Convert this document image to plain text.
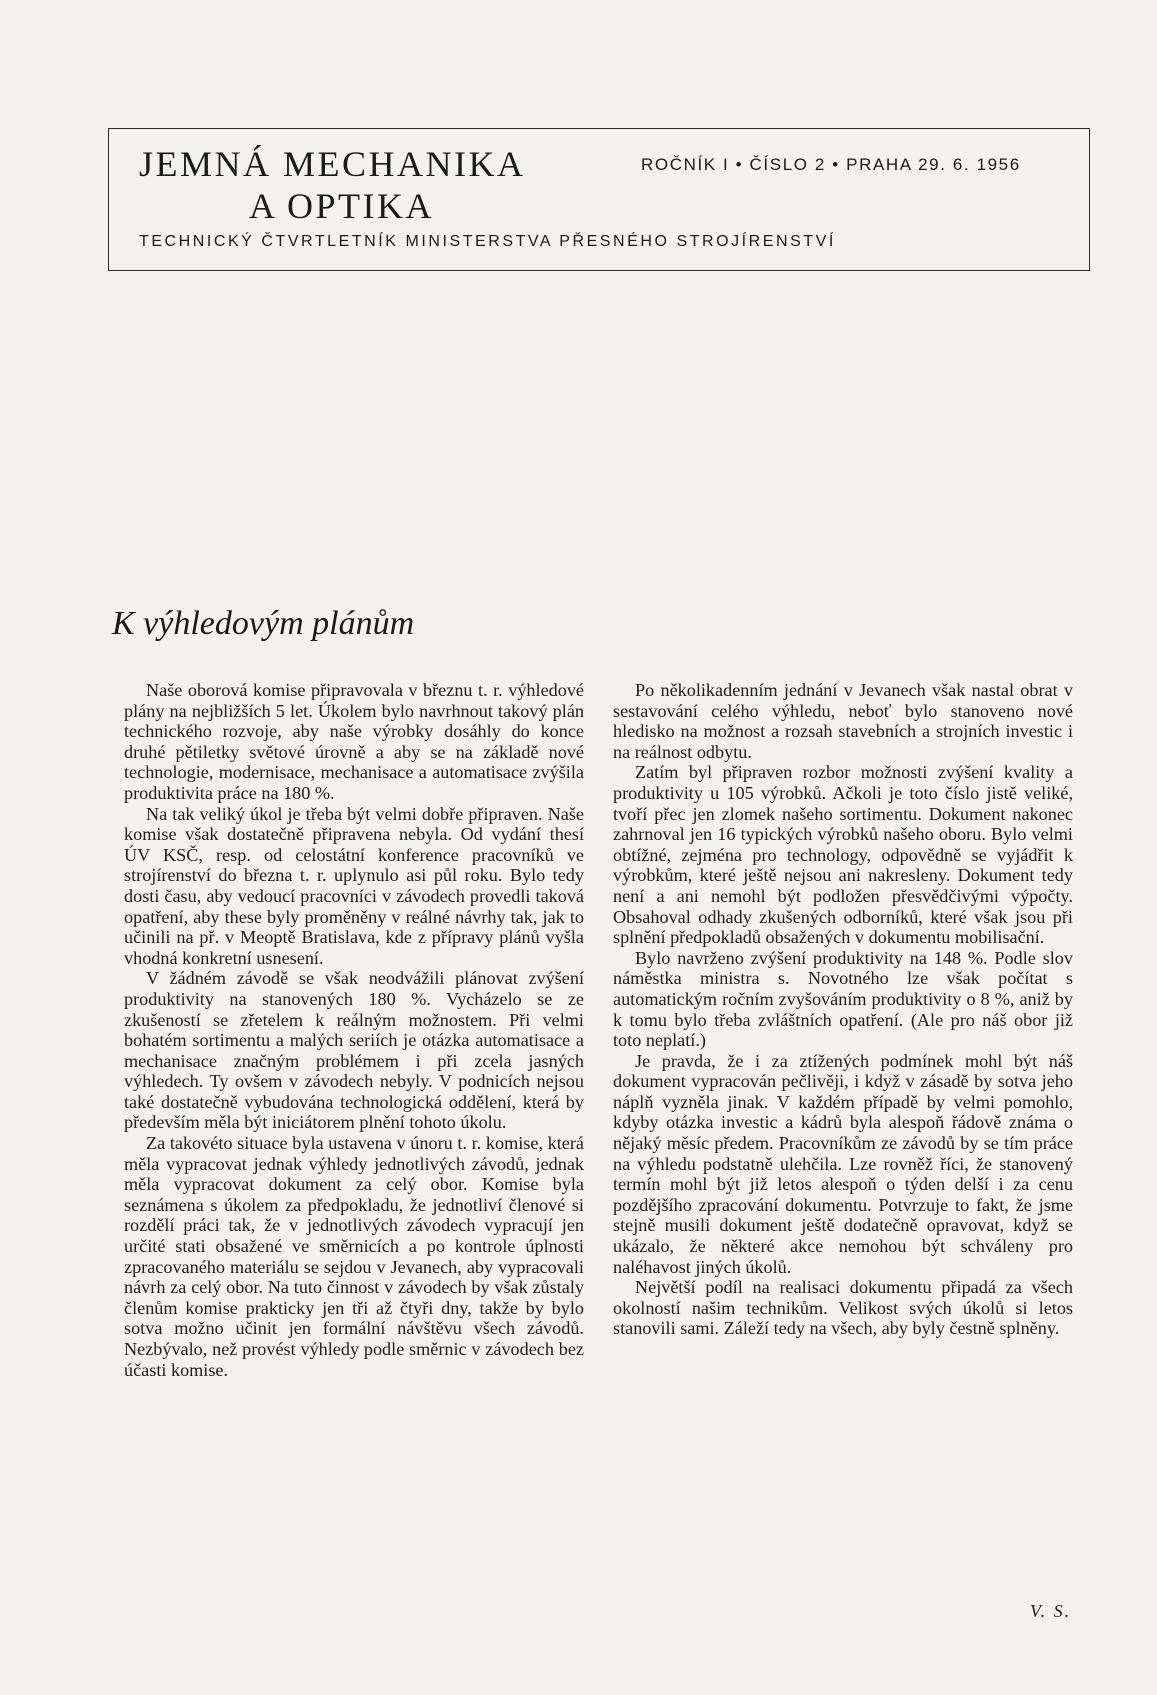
JEMNÁ MECHANIKA
A OPTIKA
ROČNÍK I • ČÍSLO 2 • PRAHA 29. 6. 1956
TECHNICKÝ ČTVRTLETNÍK MINISTERSTVA PŘESNÉHO STROJÍRENSTVÍ
K výhledovým plánům

Naše oborová komise připravovala v březnu t. r. výhledové plány na nejbližších 5 let. Úkolem bylo navrhnout takový plán technického rozvoje, aby naše výrobky dosáhly do konce druhé pětiletky světové úrovně a aby se na základě nové technologie, modernisace, mechanisace a automatisace zvýšila produktivita práce na 180 %.

Na tak veliký úkol je třeba být velmi dobře připraven. Naše komise však dostatečně připravena nebyla. Od vydání thesí ÚV KSČ, resp. od celostátní konference pracovníků ve strojírenství do března t. r. uplynulo asi půl roku. Bylo tedy dosti času, aby vedoucí pracovníci v závodech provedli taková opatření, aby these byly proměněny v reálné návrhy tak, jak to učinili na př. v Meoptě Bratislava, kde z přípravy plánů vyšla vhodná konkretní usnesení.

V žádném závodě se však neodvážili plánovat zvýšení produktivity na stanovených 180 %. Vycházelo se ze zkušeností se zřetelem k reálným možnostem. Při velmi bohatém sortimentu a malých seriích je otázka automatisace a mechanisace značným problémem i při zcela jasných výhledech. Ty ovšem v závodech nebyly. V podnicích nejsou také dostatečně vybudována technologická oddělení, která by především měla být iniciátorem plnění tohoto úkolu.

Za takovéto situace byla ustavena v únoru t. r. komise, která měla vypracovat jednak výhledy jednotlivých závodů, jednak měla vypracovat dokument za celý obor. Komise byla seznámena s úkolem za předpokladu, že jednotliví členové si rozdělí práci tak, že v jednotlivých závodech vypracují jen určité stati obsažené ve směrnicích a po kontrole úplnosti zpracovaného materiálu se sejdou v Jevanech, aby vypracovali návrh za celý obor. Na tuto činnost v závodech by však zůstaly členům komise prakticky jen tři až čtyři dny, takže by bylo sotva možno učinit jen formální návštěvu všech závodů. Nezbývalo, než provést výhledy podle směrnic v závodech bez účasti komise.

Po několikadenním jednání v Jevanech však nastal obrat v sestavování celého výhledu, neboť bylo stanoveno nové hledisko na možnost a rozsah stavebních a strojních investic i na reálnost odbytu.

Zatím byl připraven rozbor možnosti zvýšení kvality a produktivity u 105 výrobků. Ačkoli je toto číslo jistě veliké, tvoří přec jen zlomek našeho sortimentu. Dokument nakonec zahrnoval jen 16 typických výrobků našeho oboru. Bylo velmi obtížné, zejména pro technology, odpovědně se vyjádřit k výrobkům, které ještě nejsou ani nakresleny. Dokument tedy není a ani nemohl být podložen přesvědčivými výpočty. Obsahoval odhady zkušených odborníků, které však jsou při splnění předpokladů obsažených v dokumentu mobilisační.

Bylo navrženo zvýšení produktivity na 148 %. Podle slov náměstka ministra s. Novotného lze však počítat s automatickým ročním zvyšováním produktivity o 8 %, aniž by k tomu bylo třeba zvláštních opatření. (Ale pro náš obor již toto neplatí.)

Je pravda, že i za ztížených podmínek mohl být náš dokument vypracován pečlivěji, i když v zásadě by sotva jeho náplň vyzněla jinak. V každém případě by velmi pomohlo, kdyby otázka investic a kádrů byla alespoň řádově známa o nějaký měsíc předem. Pracovníkům ze závodů by se tím práce na výhledu podstatně ulehčila. Lze rovněž říci, že stanovený termín mohl být již letos alespoň o týden delší i za cenu pozdějšího zpracování dokumentu. Potvrzuje to fakt, že jsme stejně musili dokument ještě dodatečně opravovat, když se ukázalo, že některé akce nemohou být schváleny pro naléhavost jiných úkolů.

Největší podíl na realisaci dokumentu připadá za všech okolností našim technikům. Velikost svých úkolů si letos stanovili sami. Záleží tedy na všech, aby byly čestně splněny.

V. S.
